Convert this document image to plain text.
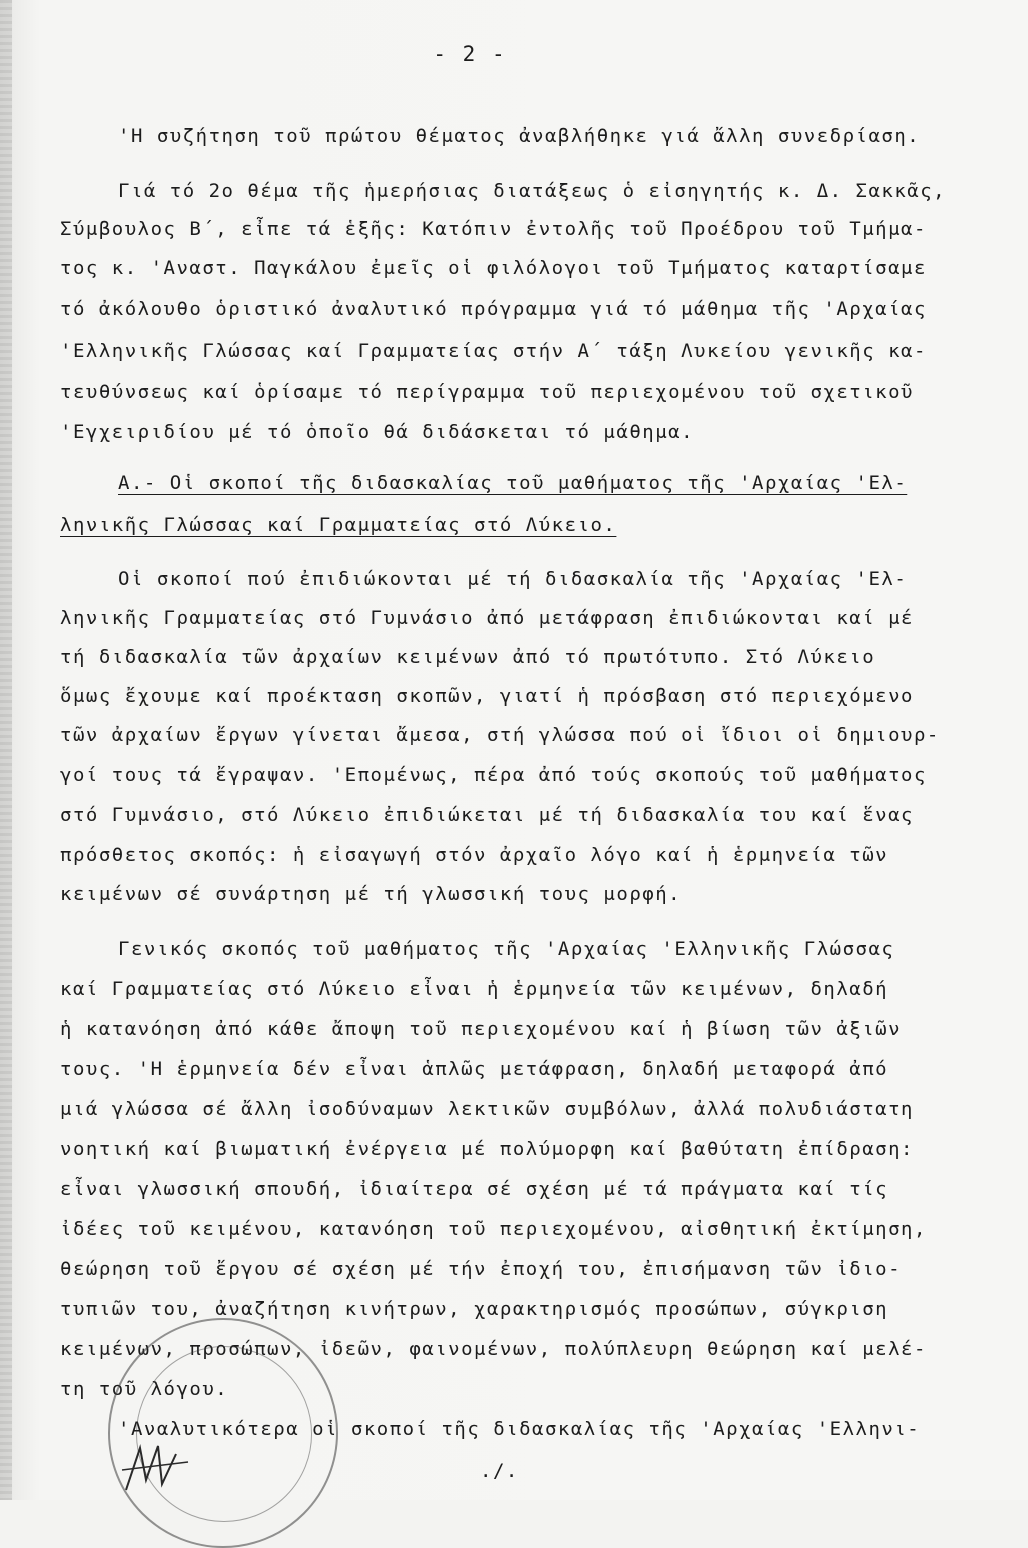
- 2 -
'Η συζήτηση τοῦ πρώτου θέματος ἀναβλήθηκε γιά ἄλλη συνεδρίαση.
Γιά τό 2ο θέμα τῆς ἡμερήσιας διατάξεως ὁ εἰσηγητής κ. Δ. Σακκᾶς,
Σύμβουλος Β΄, εἶπε τά ἑξῆς: Κατόπιν ἐντολῆς τοῦ Προέδρου τοῦ Τμήμα-
τος κ. 'Αναστ. Παγκάλου ἐμεῖς οἱ φιλόλογοι τοῦ Τμήματος καταρτίσαμε
τό ἀκόλουθο ὁριστικό ἀναλυτικό πρόγραμμα γιά τό μάθημα τῆς 'Αρχαίας
'Ελληνικῆς Γλώσσας καί Γραμματείας στήν Α΄ τάξη Λυκείου γενικῆς κα-
τευθύνσεως καί ὁρίσαμε τό περίγραμμα τοῦ περιεχομένου τοῦ σχετικοῦ
'Εγχειριδίου μέ τό ὁποῖο θά διδάσκεται τό μάθημα.
Α.- Οἱ σκοποί τῆς διδασκαλίας τοῦ μαθήματος τῆς 'Αρχαίας 'Ελ-
ληνικῆς Γλώσσας καί Γραμματείας στό Λύκειο.
Οἱ σκοποί πού ἐπιδιώκονται μέ τή διδασκαλία τῆς 'Αρχαίας 'Ελ-
ληνικῆς Γραμματείας στό Γυμνάσιο ἀπό μετάφραση ἐπιδιώκονται καί μέ
τή διδασκαλία τῶν ἀρχαίων κειμένων ἀπό τό πρωτότυπο. Στό Λύκειο
ὅμως ἔχουμε καί προέκταση σκοπῶν, γιατί ἡ πρόσβαση στό περιεχόμενο
τῶν ἀρχαίων ἔργων γίνεται ἄμεσα, στή γλώσσα πού οἱ ἴδιοι οἱ δημιουρ-
γοί τους τά ἔγραψαν. 'Επομένως, πέρα ἀπό τούς σκοπούς τοῦ μαθήματος
στό Γυμνάσιο, στό Λύκειο ἐπιδιώκεται μέ τή διδασκαλία του καί ἕνας
πρόσθετος σκοπός: ἡ εἰσαγωγή στόν ἀρχαῖο λόγο καί ἡ ἑρμηνεία τῶν
κειμένων σέ συνάρτηση μέ τή γλωσσική τους μορφή.
Γενικός σκοπός τοῦ μαθήματος τῆς 'Αρχαίας 'Ελληνικῆς Γλώσσας
καί Γραμματείας στό Λύκειο εἶναι ἡ ἑρμηνεία τῶν κειμένων, δηλαδή
ἡ κατανόηση ἀπό κάθε ἄποψη τοῦ περιεχομένου καί ἡ βίωση τῶν ἀξιῶν
τους. 'Η ἑρμηνεία δέν εἶναι ἁπλῶς μετάφραση, δηλαδή μεταφορά ἀπό
μιά γλώσσα σέ ἄλλη ἰσοδύναμων λεκτικῶν συμβόλων, ἀλλά πολυδιάστατη
νοητική καί βιωματική ἐνέργεια μέ πολύμορφη καί βαθύτατη ἐπίδραση:
εἶναι γλωσσική σπουδή, ἰδιαίτερα σέ σχέση μέ τά πράγματα καί τίς
ἰδέες τοῦ κειμένου, κατανόηση τοῦ περιεχομένου, αἰσθητική ἐκτίμηση,
θεώρηση τοῦ ἔργου σέ σχέση μέ τήν ἐποχή του, ἐπισήμανση τῶν ἰδιο-
τυπιῶν του, ἀναζήτηση κινήτρων, χαρακτηρισμός προσώπων, σύγκριση
κειμένων, προσώπων, ἰδεῶν, φαινομένων, πολύπλευρη θεώρηση καί μελέ-
τη τοῦ λόγου.
'Αναλυτικότερα οἱ σκοποί τῆς διδασκαλίας τῆς 'Αρχαίας 'Ελληνι-
./.
